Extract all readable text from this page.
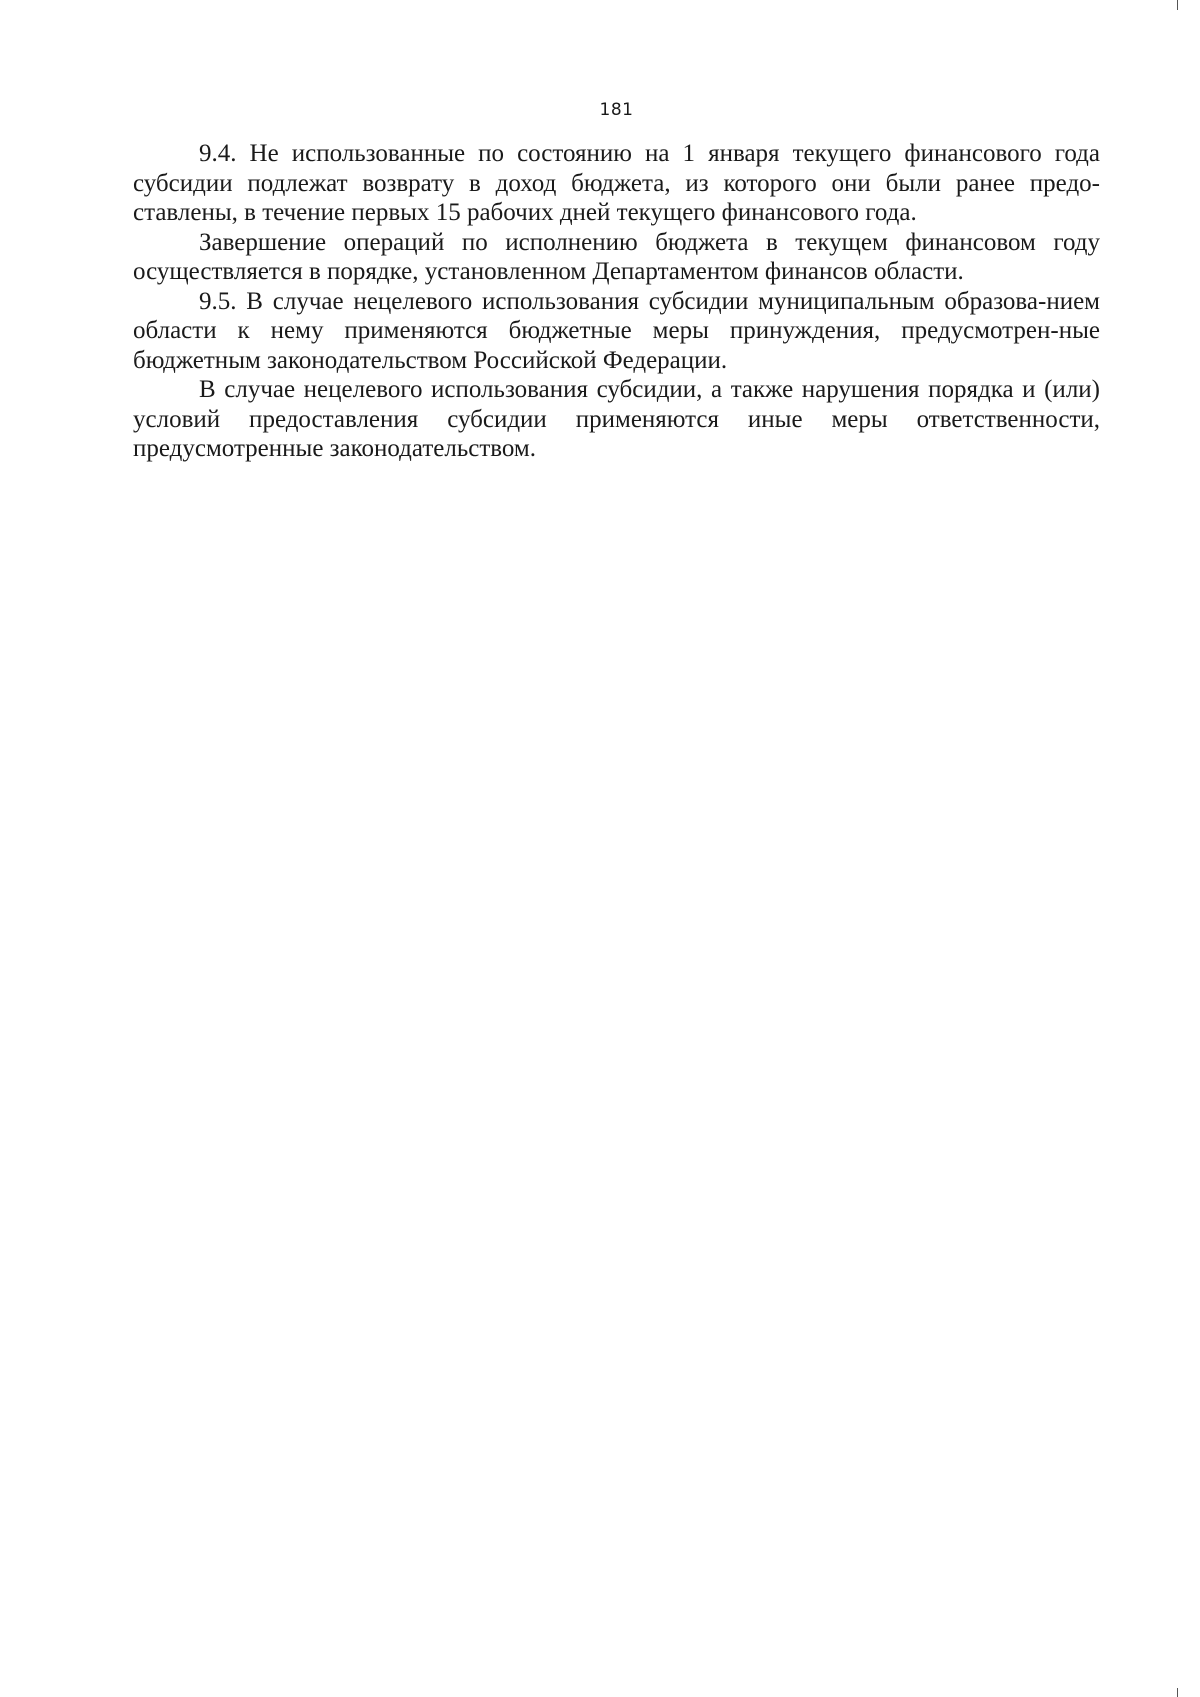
181

9.4. Не использованные по состоянию на 1 января текущего финансового года субсидии подлежат возврату в доход бюджета, из которого они были ранее предо-ставлены, в течение первых 15 рабочих дней текущего финансового года.

Завершение операций по исполнению бюджета в текущем финансовом году осуществляется в порядке, установленном Департаментом финансов области.

9.5. В случае нецелевого использования субсидии муниципальным образова-нием области к нему применяются бюджетные меры принуждения, предусмотрен-ные бюджетным законодательством Российской Федерации.

В случае нецелевого использования субсидии, а также нарушения порядка и (или) условий предоставления субсидии применяются иные меры ответственности, предусмотренные законодательством.
